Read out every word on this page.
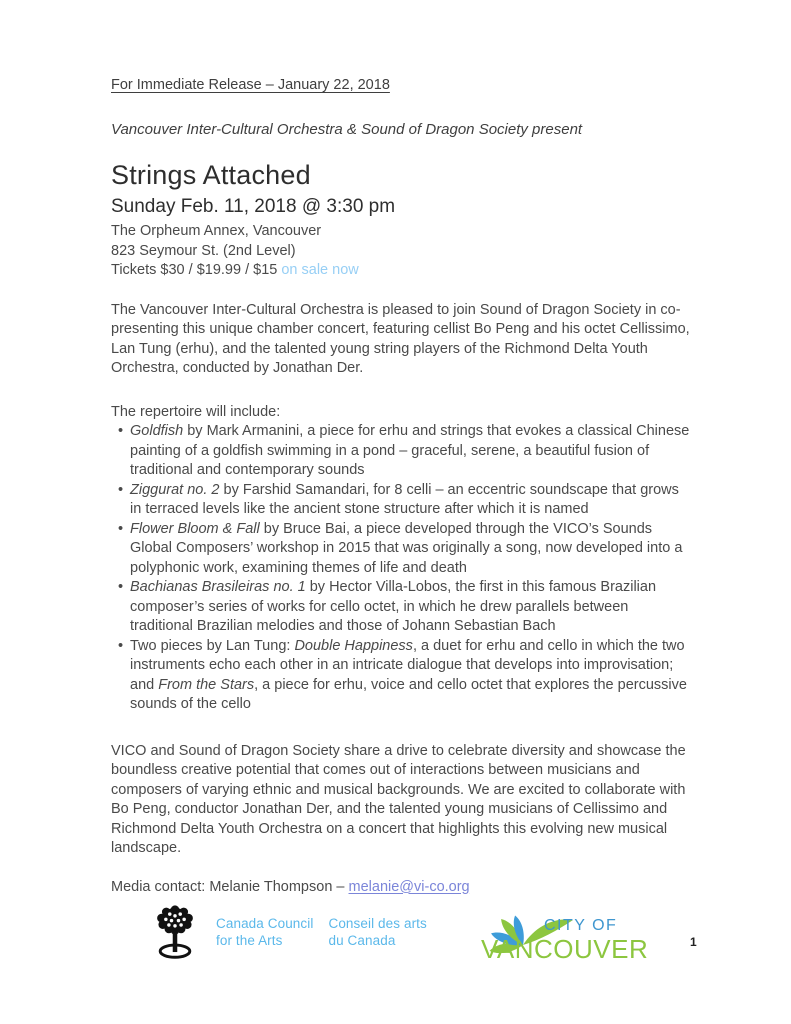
For Immediate Release – January 22, 2018
Vancouver Inter-Cultural Orchestra & Sound of Dragon Society present
Strings Attached
Sunday Feb. 11, 2018 @ 3:30 pm
The Orpheum Annex, Vancouver
823 Seymour St. (2nd Level)
Tickets $30 / $19.99 / $15 on sale now

The Vancouver Inter-Cultural Orchestra is pleased to join Sound of Dragon Society in co-presenting this unique chamber concert, featuring cellist Bo Peng and his octet Cellissimo, Lan Tung (erhu), and the talented young string players of the Richmond Delta Youth Orchestra, conducted by Jonathan Der.

The repertoire will include:
• Goldfish by Mark Armanini, a piece for erhu and strings that evokes a classical Chinese painting of a goldfish swimming in a pond – graceful, serene, a beautiful fusion of traditional and contemporary sounds
• Ziggurat no. 2 by Farshid Samandari, for 8 celli – an eccentric soundscape that grows in terraced levels like the ancient stone structure after which it is named
• Flower Bloom & Fall by Bruce Bai, a piece developed through the VICO’s Sounds Global Composers’ workshop in 2015 that was originally a song, now developed into a polyphonic work, examining themes of life and death
• Bachianas Brasileiras no. 1 by Hector Villa-Lobos, the first in this famous Brazilian composer’s series of works for cello octet, in which he drew parallels between traditional Brazilian melodies and those of Johann Sebastian Bach
• Two pieces by Lan Tung: Double Happiness, a duet for erhu and cello in which the two instruments echo each other in an intricate dialogue that develops into improvisation; and From the Stars, a piece for erhu, voice and cello octet that explores the percussive sounds of the cello

VICO and Sound of Dragon Society share a drive to celebrate diversity and showcase the boundless creative potential that comes out of interactions between musicians and composers of varying ethnic and musical backgrounds. We are excited to collaborate with Bo Peng, conductor Jonathan Der, and the talented young musicians of Cellissimo and Richmond Delta Youth Orchestra on a concert that highlights this evolving new musical landscape.

Media contact: Melanie Thompson – melanie@vi-co.org
Canada Council
for the Arts
Conseil des arts
du Canada
CITY OF
VANCOUVER	1
